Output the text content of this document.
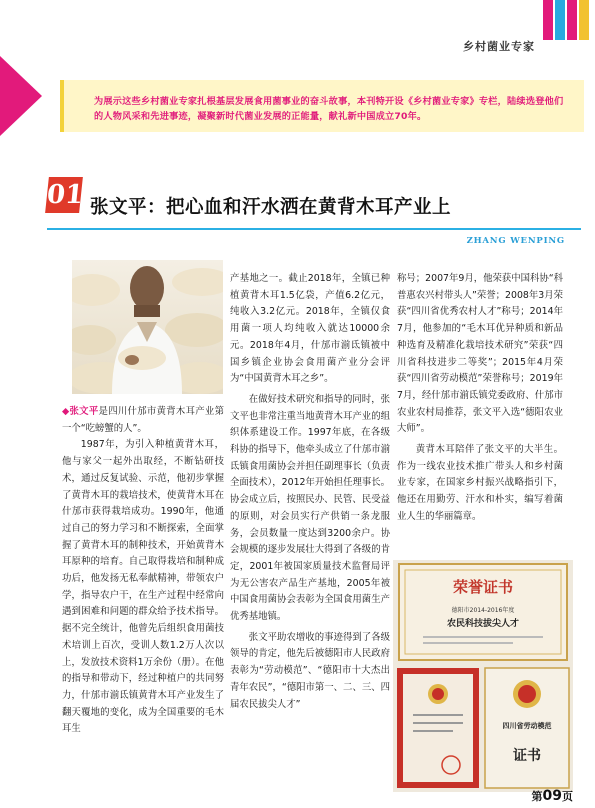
乡村菌业专家
为展示这些乡村菌业专家扎根基层发展食用菌事业的奋斗故事，本刊特开设《乡村菌业专家》专栏，陆续选登他们的人物风采和先进事迹，凝聚新时代菌业发展的正能量，献礼新中国成立70年。
01 张文平：把心血和汗水洒在黄背木耳产业上
ZHANG WENPING

◆张文平是四川什邡市黄背木耳产业第一个“吃螃蟹的人”。

1987年，为引入种植黄背木耳，他与家父一起外出取经，不断钻研技术，通过反复试验、示范，他初步掌握了黄背木耳的栽培技术，使黄背木耳在什邡市获得栽培成功。1990年，他通过自己的努力学习和不断探索，全面掌握了黄背木耳的制种技术，开始黄背木耳原种的培育。自己取得栽培和制种成功后，他发扬无私奉献精神，带领农户学，指导农户干，在生产过程中经常向遇到困难和问题的群众给予技术指导。据不完全统计，他曾先后组织食用菌技术培训上百次，受训人数1.2万人次以上，发放技术资料1万余份（册）。在他的指导和带动下，经过种植户的共同努力，什邡市湔氐镇黄背木耳产业发生了翻天覆地的变化，成为全国重要的毛木耳生

产基地之一。截止2018年，全镇已种植黄背木耳1.5亿袋，产值6.2亿元，纯收入3.2亿元。2018年，全镇仅食用菌一项人均纯收入就达10000余元。2018年4月，什邡市湔氐镇被中国乡镇企业协会食用菌产业分会评为“中国黄背木耳之乡”。

在做好技术研究和指导的同时，张文平也非常注重当地黄背木耳产业的组织体系建设工作。1997年底，在各级科协的指导下，他牵头成立了什邡市湔氐镇食用菌协会并担任副理事长（负责全面技术），2012年开始担任理事长。协会成立后，按照民办、民管、民受益的原则，对会员实行产供销一条龙服务，会员数量一度达到3200余户。协会规模的逐步发展壮大得到了各级的肯定，2001年被国家质量技术监督局评为无公害农产品生产基地，2005年被中国食用菌协会表彰为全国食用菌生产优秀基地镇。

张文平助农增收的事迹得到了各级领导的肯定，他先后被德阳市人民政府表彰为“劳动模范”、“德阳市十大杰出青年农民”，“德阳市第一、二、三、四届农民拔尖人才”

称号；2007年9月，他荣获中国科协“科普惠农兴村带头人”荣誉；2008年3月荣获“四川省优秀农村人才”称号；2014年7月，他参加的“毛木耳优异种质和新品种选育及精准化栽培技术研究”荣获“四川省科技进步二等奖”；2015年4月荣获“四川省劳动模范”荣誉称号；2019年7月，经什邡市湔氐镇党委政府、什邡市农业农村局推荐，张文平入选“德阳农业大师”。

黄背木耳陪伴了张文平的大半生。作为一线农业技术推广带头人和乡村菌业专家，在国家乡村振兴战略指引下，他还在用勤劳、汗水和朴实，编写着菌业人生的华丽篇章。

荣誉证书
德阳市2014-2016年度
农民科技拔尖人才
四川省劳动模范
证书
第09页
